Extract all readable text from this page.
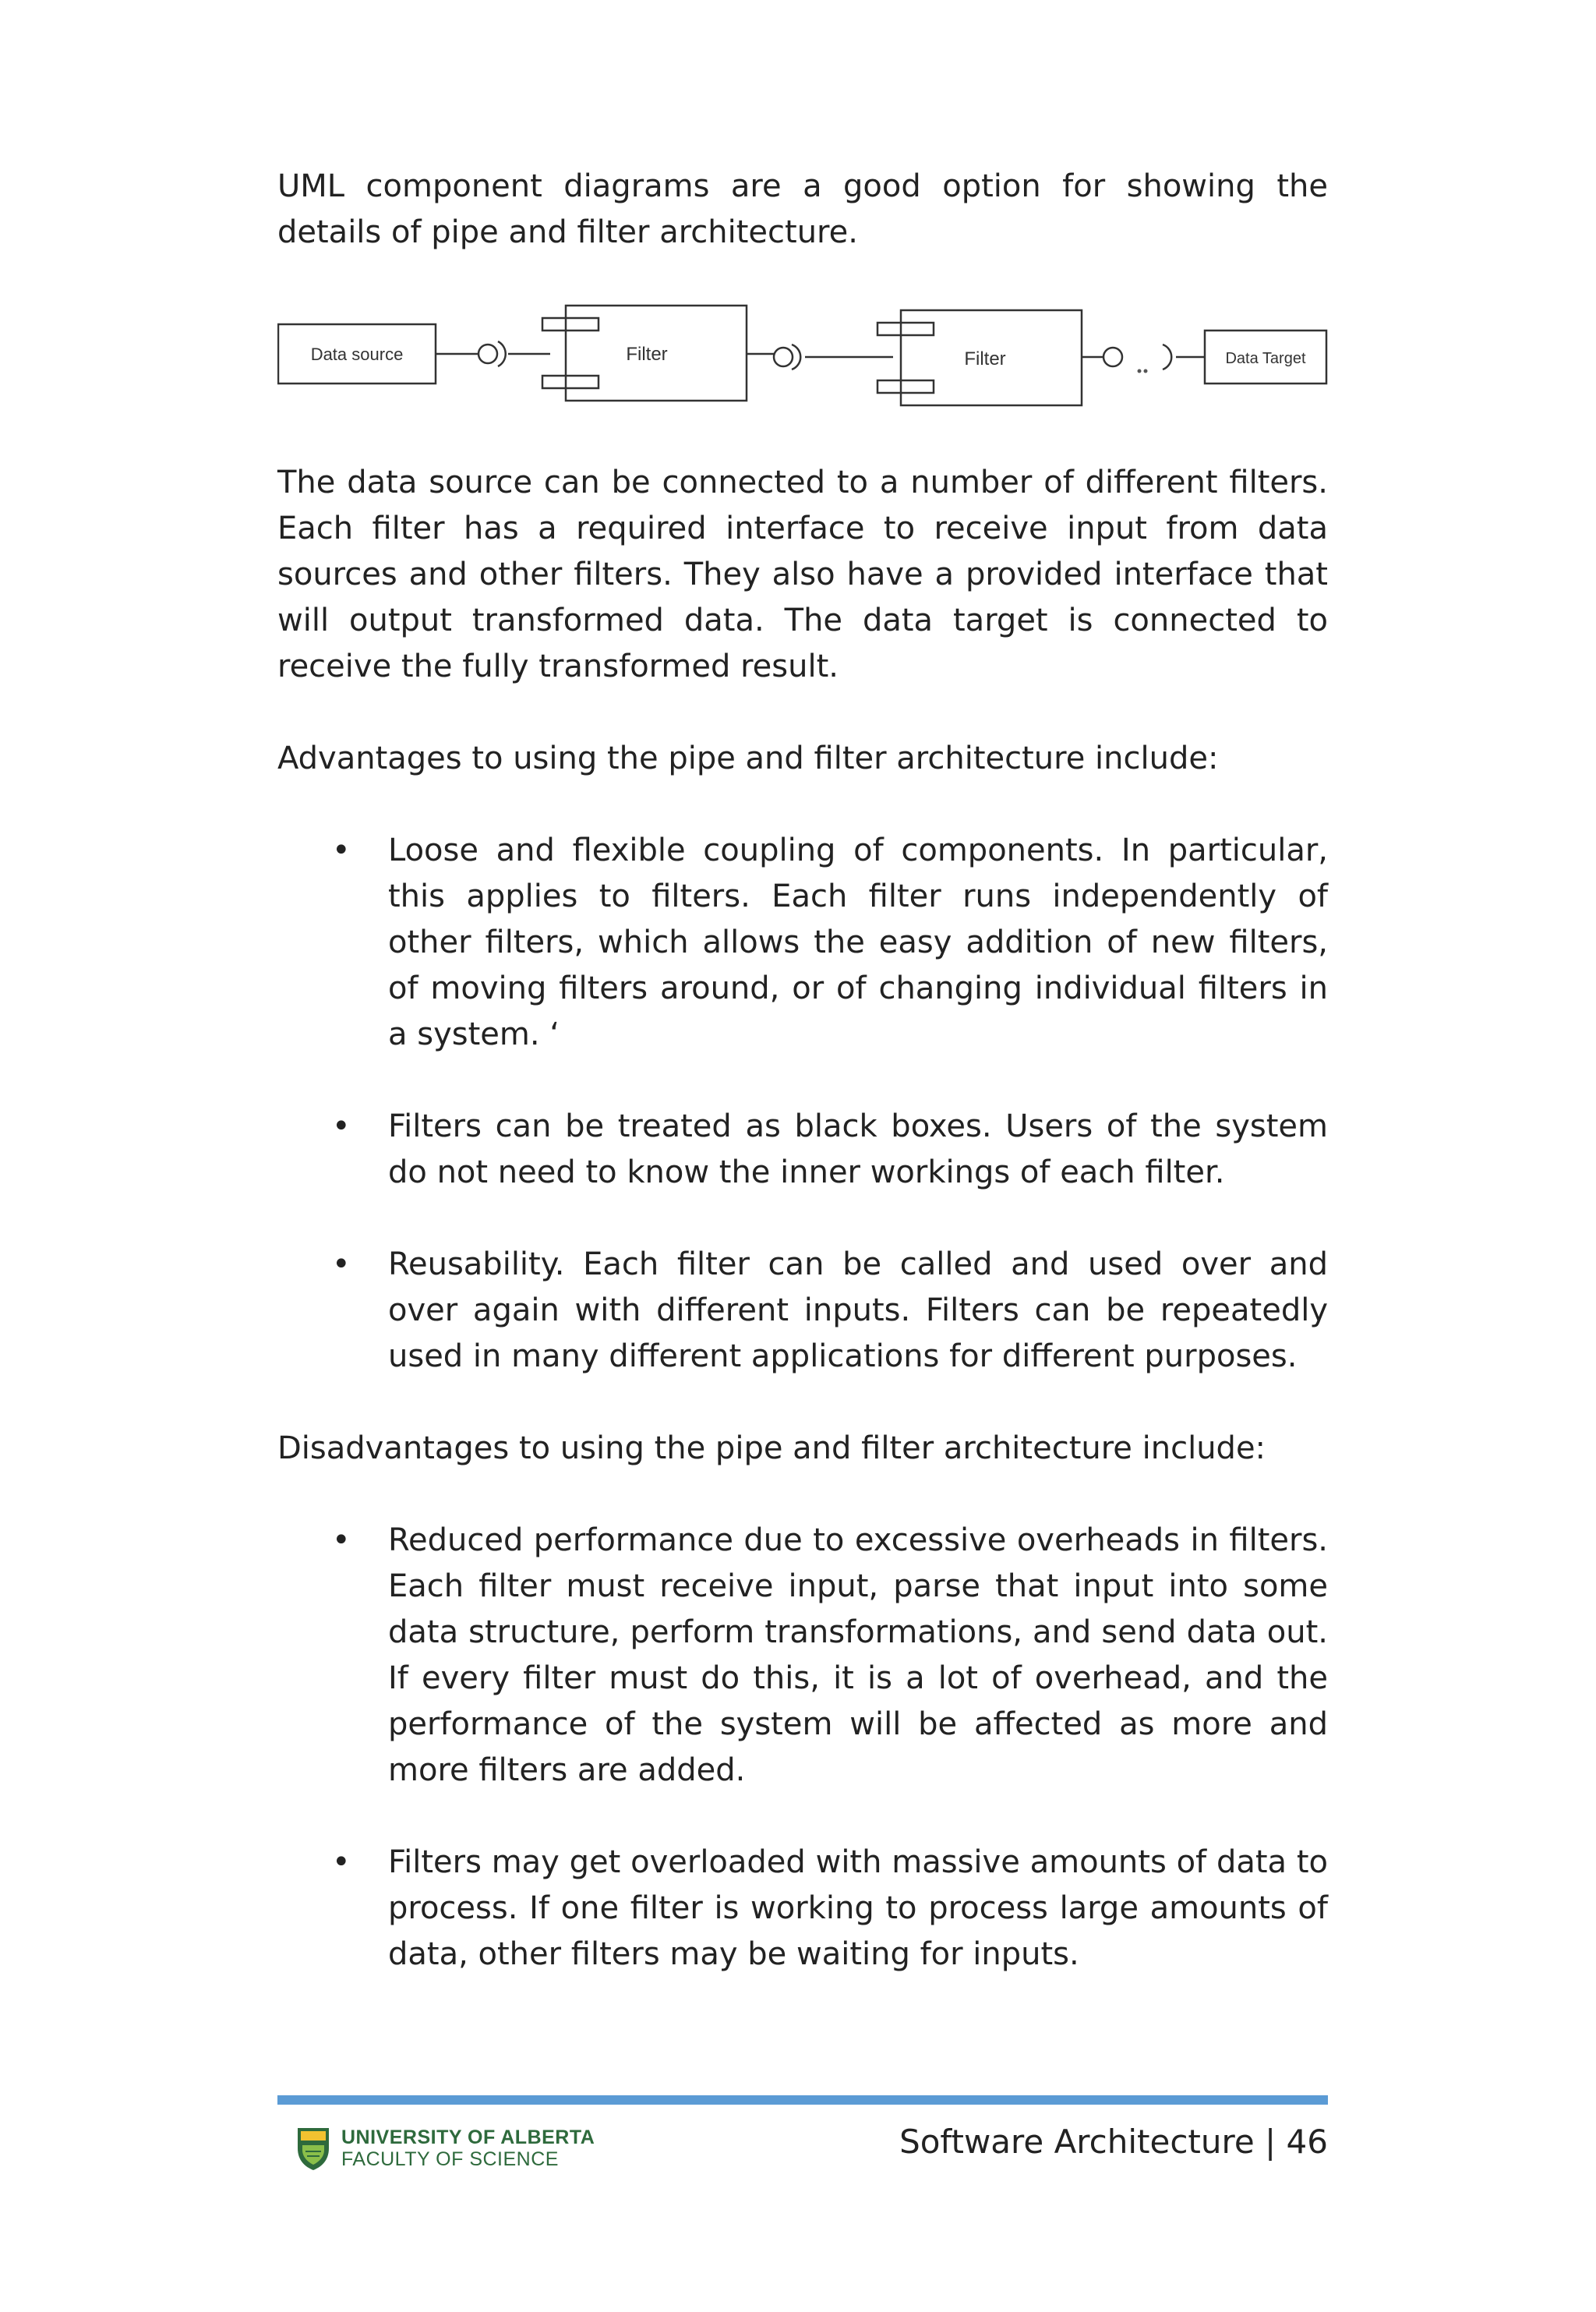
UML component diagrams are a good option for showing the details of pipe and filter architecture.

Data source	Filter	Filter	Data Target

The data source can be connected to a number of different filters. Each filter has a required interface to receive input from data sources and other filters. They also have a provided interface that will output transformed data. The data target is connected to receive the fully transformed result.

Advantages to using the pipe and filter architecture include:

• Loose and flexible coupling of components. In particular, this applies to filters. Each filter runs independently of other filters, which allows the easy addition of new filters, of moving filters around, or of changing individual filters in a system. ‘
• Filters can be treated as black boxes. Users of the system do not need to know the inner workings of each filter.
• Reusability. Each filter can be called and used over and over again with different inputs. Filters can be repeatedly used in many different applications for different purposes.

Disadvantages to using the pipe and filter architecture include:

• Reduced performance due to excessive overheads in filters. Each filter must receive input, parse that input into some data structure, perform transformations, and send data out. If every filter must do this, it is a lot of overhead, and the performance of the system will be affected as more and more filters are added.
• Filters may get overloaded with massive amounts of data to process. If one filter is working to process large amounts of data, other filters may be waiting for inputs.
UNIVERSITY OF ALBERTA
FACULTY OF SCIENCE	Software Architecture | 46
